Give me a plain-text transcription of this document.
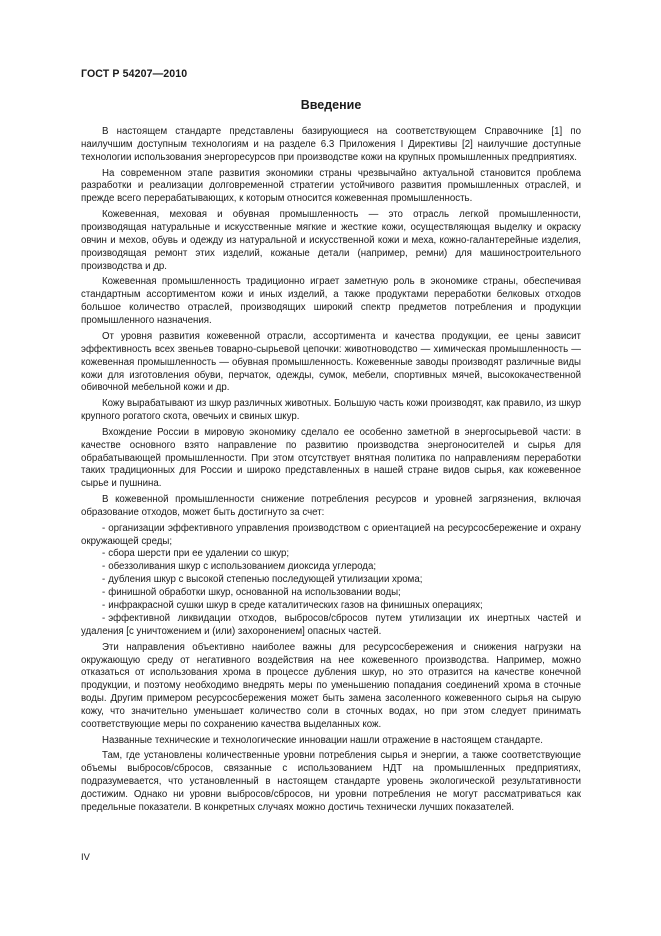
ГОСТ Р 54207—2010
Введение

В настоящем стандарте представлены базирующиеся на соответствующем Справочнике [1] по наилучшим доступным технологиям и на разделе 6.3 Приложения I Директивы [2] наилучшие доступные технологии использования энергоресурсов при производстве кожи на крупных промышленных предприятиях.

На современном этапе развития экономики страны чрезвычайно актуальной становится проблема разработки и реализации долговременной стратегии устойчивого развития промышленных отраслей, и прежде всего перерабатывающих, к которым относится кожевенная промышленность.

Кожевенная, меховая и обувная промышленность — это отрасль легкой промышленности, производящая натуральные и искусственные мягкие и жесткие кожи, осуществляющая выделку и окраску овчин и мехов, обувь и одежду из натуральной и искусственной кожи и меха, кожно-галантерейные изделия, производящая ремонт этих изделий, кожаные детали (например, ремни) для машиностроительного производства и др.

Кожевенная промышленность традиционно играет заметную роль в экономике страны, обеспечивая стандартным ассортиментом кожи и иных изделий, а также продуктами переработки белковых отходов большое количество отраслей, производящих широкий спектр предметов потребления и продукции промышленного назначения.

От уровня развития кожевенной отрасли, ассортимента и качества продукции, ее цены зависит эффективность всех звеньев товарно-сырьевой цепочки: животноводство — химическая промышленность — кожевенная промышленность — обувная промышленность. Кожевенные заводы производят различные виды кожи для изготовления обуви, перчаток, одежды, сумок, мебели, спортивных мячей, высококачественной обивочной мебельной кожи и др.

Кожу вырабатывают из шкур различных животных. Большую часть кожи производят, как правило, из шкур крупного рогатого скота, овечьих и свиных шкур.

Вхождение России в мировую экономику сделало ее особенно заметной в энергосырьевой части: в качестве основного взято направление по развитию производства энергоносителей и сырья для обрабатывающей промышленности. При этом отсутствует внятная политика по направлениям переработки таких традиционных для России и широко представленных в нашей стране видов сырья, как кожевенное сырье и пушнина.

В кожевенной промышленности снижение потребления ресурсов и уровней загрязнения, включая образование отходов, может быть достигнуто за счет:

- организации эффективного управления производством с ориентацией на ресурсосбережение и охрану окружающей среды;
- сбора шерсти при ее удалении со шкур;
- обеззоливания шкур с использованием диоксида углерода;
- дубления шкур с высокой степенью последующей утилизации хрома;
- финишной обработки шкур, основанной на использовании воды;
- инфракрасной сушки шкур в среде каталитических газов на финишных операциях;
- эффективной ликвидации отходов, выбросов/сбросов путем утилизации их инертных частей и удаления [с уничтожением и (или) захоронением] опасных частей.

Эти направления объективно наиболее важны для ресурсосбережения и снижения нагрузки на окружающую среду от негативного воздействия на нее кожевенного производства. Например, можно отказаться от использования хрома в процессе дубления шкур, но это отразится на качестве конечной продукции, и поэтому необходимо внедрять меры по уменьшению попадания соединений хрома в сточные воды. Другим примером ресурсосбережения может быть замена засоленного кожевенного сырья на сырую кожу, что значительно уменьшает количество соли в сточных водах, но при этом следует принимать соответствующие меры по сохранению качества выделанных кож.

Названные технические и технологические инновации нашли отражение в настоящем стандарте.

Там, где установлены количественные уровни потребления сырья и энергии, а также соответствующие объемы выбросов/сбросов, связанные с использованием НДТ на промышленных предприятиях, подразумевается, что установленный в настоящем стандарте уровень экологической результативности достижим. Однако ни уровни выбросов/сбросов, ни уровни потребления не могут рассматриваться как предельные показатели. В конкретных случаях можно достичь технически лучших показателей.

IV
